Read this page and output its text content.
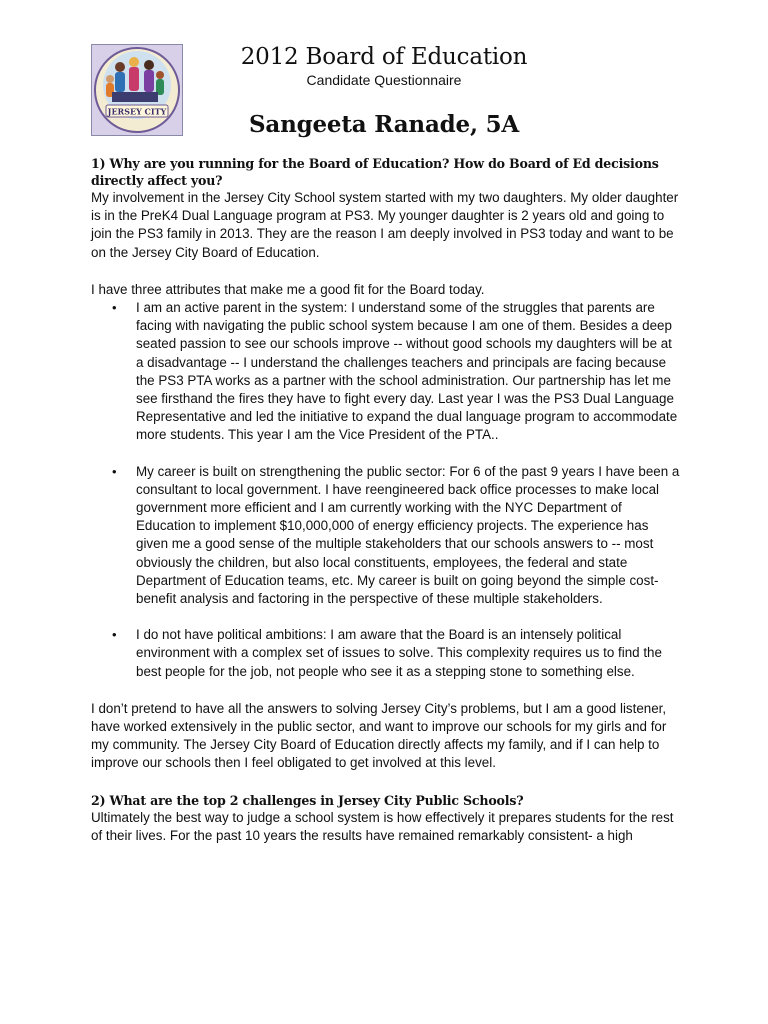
JERSEY CITY
2012 Board of Education
Candidate Questionnaire
Sangeeta Ranade, 5A

1) Why are you running for the Board of Education? How do Board of Ed decisions directly affect you?

My involvement in the Jersey City School system started with my two daughters. My older daughter is in the PreK4 Dual Language program at PS3. My younger daughter is 2 years old and going to join the PS3 family in 2013. They are the reason I am deeply involved in PS3 today and want to be on the Jersey City Board of Education.

I have three attributes that make me a good fit for the Board today.

• I am an active parent in the system: I understand some of the struggles that parents are facing with navigating the public school system because I am one of them. Besides a deep seated passion to see our schools improve -- without good schools my daughters will be at a disadvantage -- I understand the challenges teachers and principals are facing because the PS3 PTA works as a partner with the school administration. Our partnership has let me see firsthand the fires they have to fight every day. Last year I was the PS3 Dual Language Representative and led the initiative to expand the dual language program to accommodate more students. This year I am the Vice President of the PTA..
• My career is built on strengthening the public sector: For 6 of the past 9 years I have been a consultant to local government. I have reengineered back office processes to make local government more efficient and I am currently working with the NYC Department of Education to implement $10,000,000 of energy efficiency projects. The experience has given me a good sense of the multiple stakeholders that our schools answers to -- most obviously the children, but also local constituents, employees, the federal and state Department of Education teams, etc. My career is built on going beyond the simple cost-benefit analysis and factoring in the perspective of these multiple stakeholders.
• I do not have political ambitions: I am aware that the Board is an intensely political environment with a complex set of issues to solve. This complexity requires us to find the best people for the job, not people who see it as a stepping stone to something else.

I don’t pretend to have all the answers to solving Jersey City’s problems, but I am a good listener, have worked extensively in the public sector, and want to improve our schools for my girls and for my community. The Jersey City Board of Education directly affects my family, and if I can help to improve our schools then I feel obligated to get involved at this level.

2) What are the top 2 challenges in Jersey City Public Schools?

Ultimately the best way to judge a school system is how effectively it prepares students for the rest of their lives. For the past 10 years the results have remained remarkably consistent- a high
